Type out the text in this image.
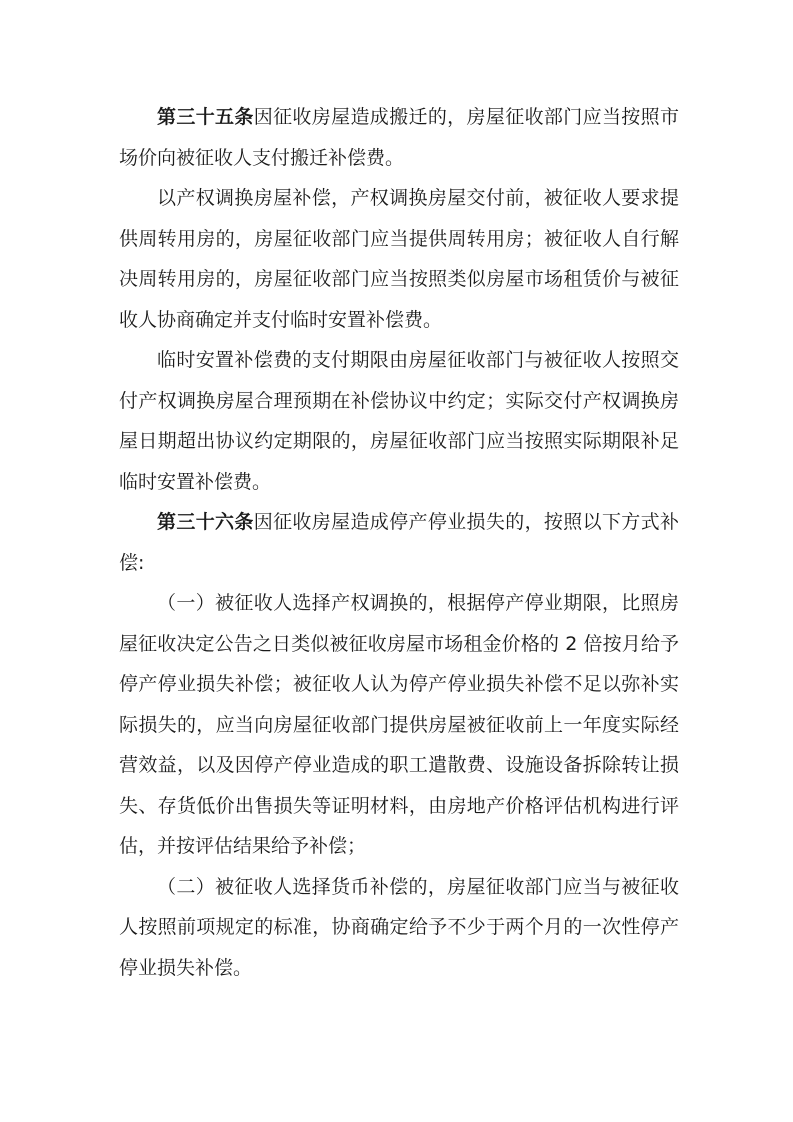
第三十五条因征收房屋造成搬迁的，房屋征收部门应当按照市场价向被征收人支付搬迁补偿费。

以产权调换房屋补偿，产权调换房屋交付前，被征收人要求提供周转用房的，房屋征收部门应当提供周转用房；被征收人自行解决周转用房的，房屋征收部门应当按照类似房屋市场租赁价与被征收人协商确定并支付临时安置补偿费。

临时安置补偿费的支付期限由房屋征收部门与被征收人按照交付产权调换房屋合理预期在补偿协议中约定；实际交付产权调换房屋日期超出协议约定期限的，房屋征收部门应当按照实际期限补足临时安置补偿费。

第三十六条因征收房屋造成停产停业损失的，按照以下方式补偿:

（一）被征收人选择产权调换的，根据停产停业期限，比照房屋征收决定公告之日类似被征收房屋市场租金价格的 2 倍按月给予停产停业损失补偿；被征收人认为停产停业损失补偿不足以弥补实际损失的，应当向房屋征收部门提供房屋被征收前上一年度实际经营效益，以及因停产停业造成的职工遣散费、设施设备拆除转让损失、存货低价出售损失等证明材料，由房地产价格评估机构进行评估，并按评估结果给予补偿；

（二）被征收人选择货币补偿的，房屋征收部门应当与被征收人按照前项规定的标准，协商确定给予不少于两个月的一次性停产停业损失补偿。
